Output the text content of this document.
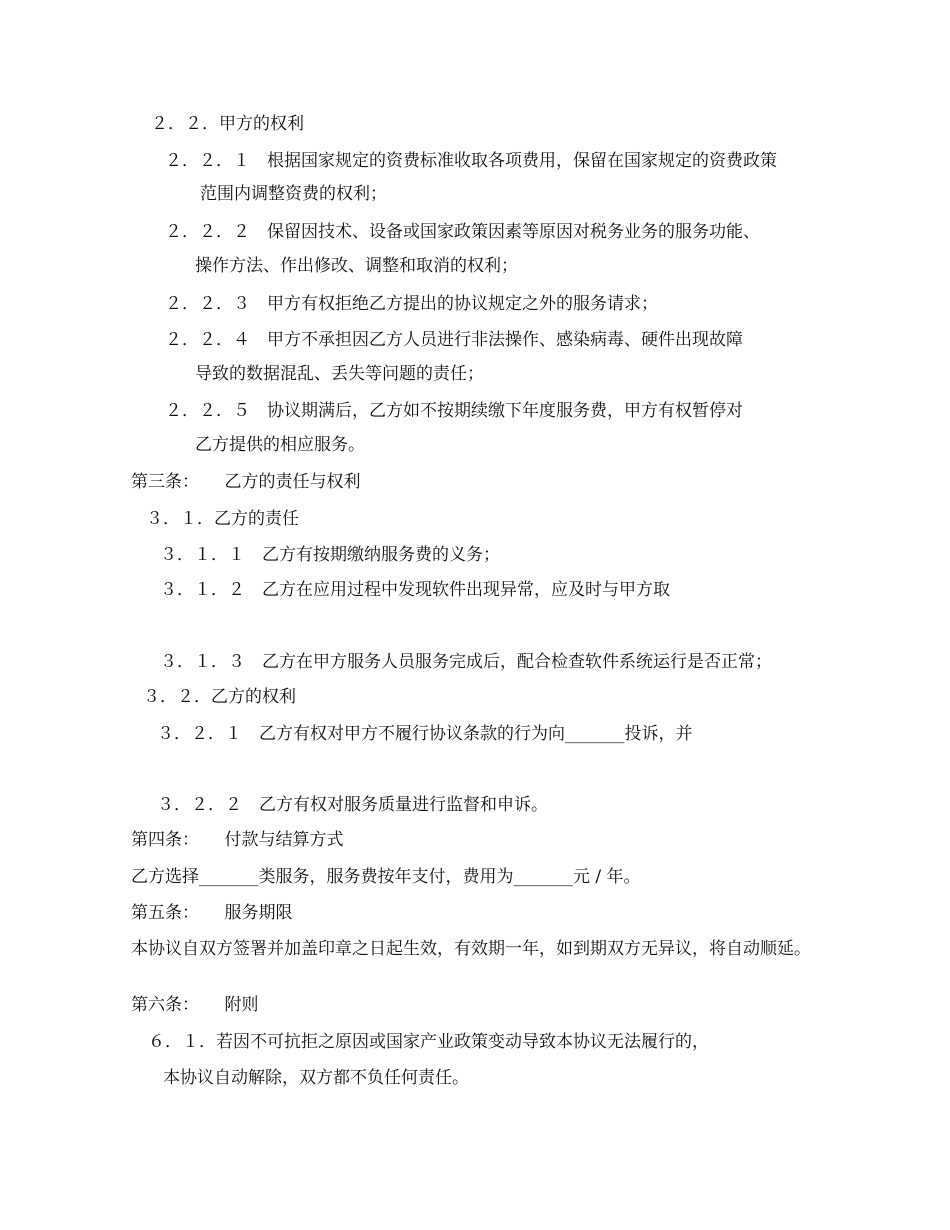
２．２．甲方的权利

２．２．１　根据国家规定的资费标准收取各项费用，保留在国家规定的资费政策

范围内调整资费的权利；

２．２．２　保留因技术、设备或国家政策因素等原因对税务业务的服务功能、

操作方法、作出修改、调整和取消的权利；

２．２．３　甲方有权拒绝乙方提出的协议规定之外的服务请求；

２．２．４　甲方不承担因乙方人员进行非法操作、感染病毒、硬件出现故障

导致的数据混乱、丢失等问题的责任；

２．２．５　协议期满后，乙方如不按期续缴下年度服务费，甲方有权暂停对

乙方提供的相应服务。

第三条：　　乙方的责任与权利

３．１．乙方的责任

３．１．１　乙方有按期缴纳服务费的义务；

３．１．２　乙方在应用过程中发现软件出现异常，应及时与甲方取

３．１．３　乙方在甲方服务人员服务完成后，配合检查软件系统运行是否正常；

３．２．乙方的权利

３．２．１　乙方有权对甲方不履行协议条款的行为向_______投诉，并

３．２．２　乙方有权对服务质量进行监督和申诉。

第四条：　　付款与结算方式

乙方选择_______类服务，服务费按年支付，费用为_______元 / 年。

第五条：　　服务期限

本协议自双方签署并加盖印章之日起生效，有效期一年，如到期双方无异议，将自动顺延。

第六条：　　附则

６．１．若因不可抗拒之原因或国家产业政策变动导致本协议无法履行的，

本协议自动解除，双方都不负任何责任。
